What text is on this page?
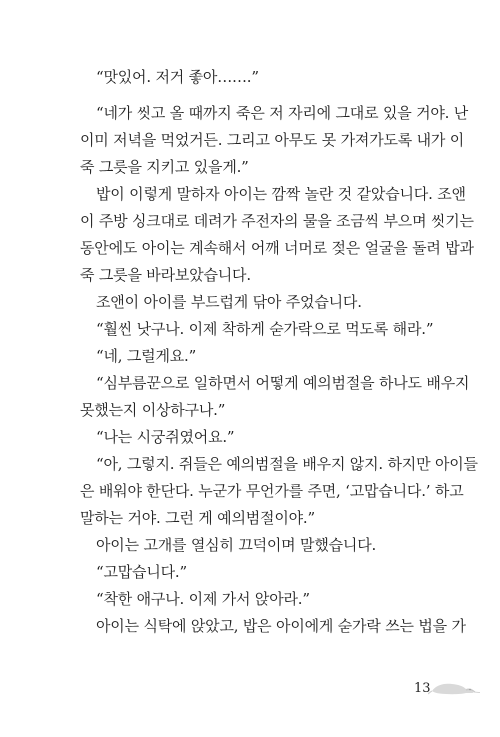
“맛있어. 저거 좋아…….”
“네가 씻고 올 때까지 죽은 저 자리에 그대로 있을 거야. 난
이미 저녁을 먹었거든. 그리고 아무도 못 가져가도록 내가 이
죽 그릇을 지키고 있을게.”
밥이 이렇게 말하자 아이는 깜짝 놀란 것 같았습니다. 조앤
이 주방 싱크대로 데려가 주전자의 물을 조금씩 부으며 씻기는
동안에도 아이는 계속해서 어깨 너머로 젖은 얼굴을 돌려 밥과
죽 그릇을 바라보았습니다.
조앤이 아이를 부드럽게 닦아 주었습니다.
“훨씬 낫구나. 이제 착하게 숟가락으로 먹도록 해라.”
“네, 그럴게요.”
“심부름꾼으로 일하면서 어떻게 예의범절을 하나도 배우지
못했는지 이상하구나.”
“나는 시궁쥐였어요.”
“아, 그렇지. 쥐들은 예의범절을 배우지 않지. 하지만 아이들
은 배워야 한단다. 누군가 무언가를 주면, ‘고맙습니다.’ 하고
말하는 거야. 그런 게 예의범절이야.”
아이는 고개를 열심히 끄덕이며 말했습니다.
“고맙습니다.”
“착한 애구나. 이제 가서 앉아라.”
아이는 식탁에 앉았고, 밥은 아이에게 숟가락 쓰는 법을 가
13
